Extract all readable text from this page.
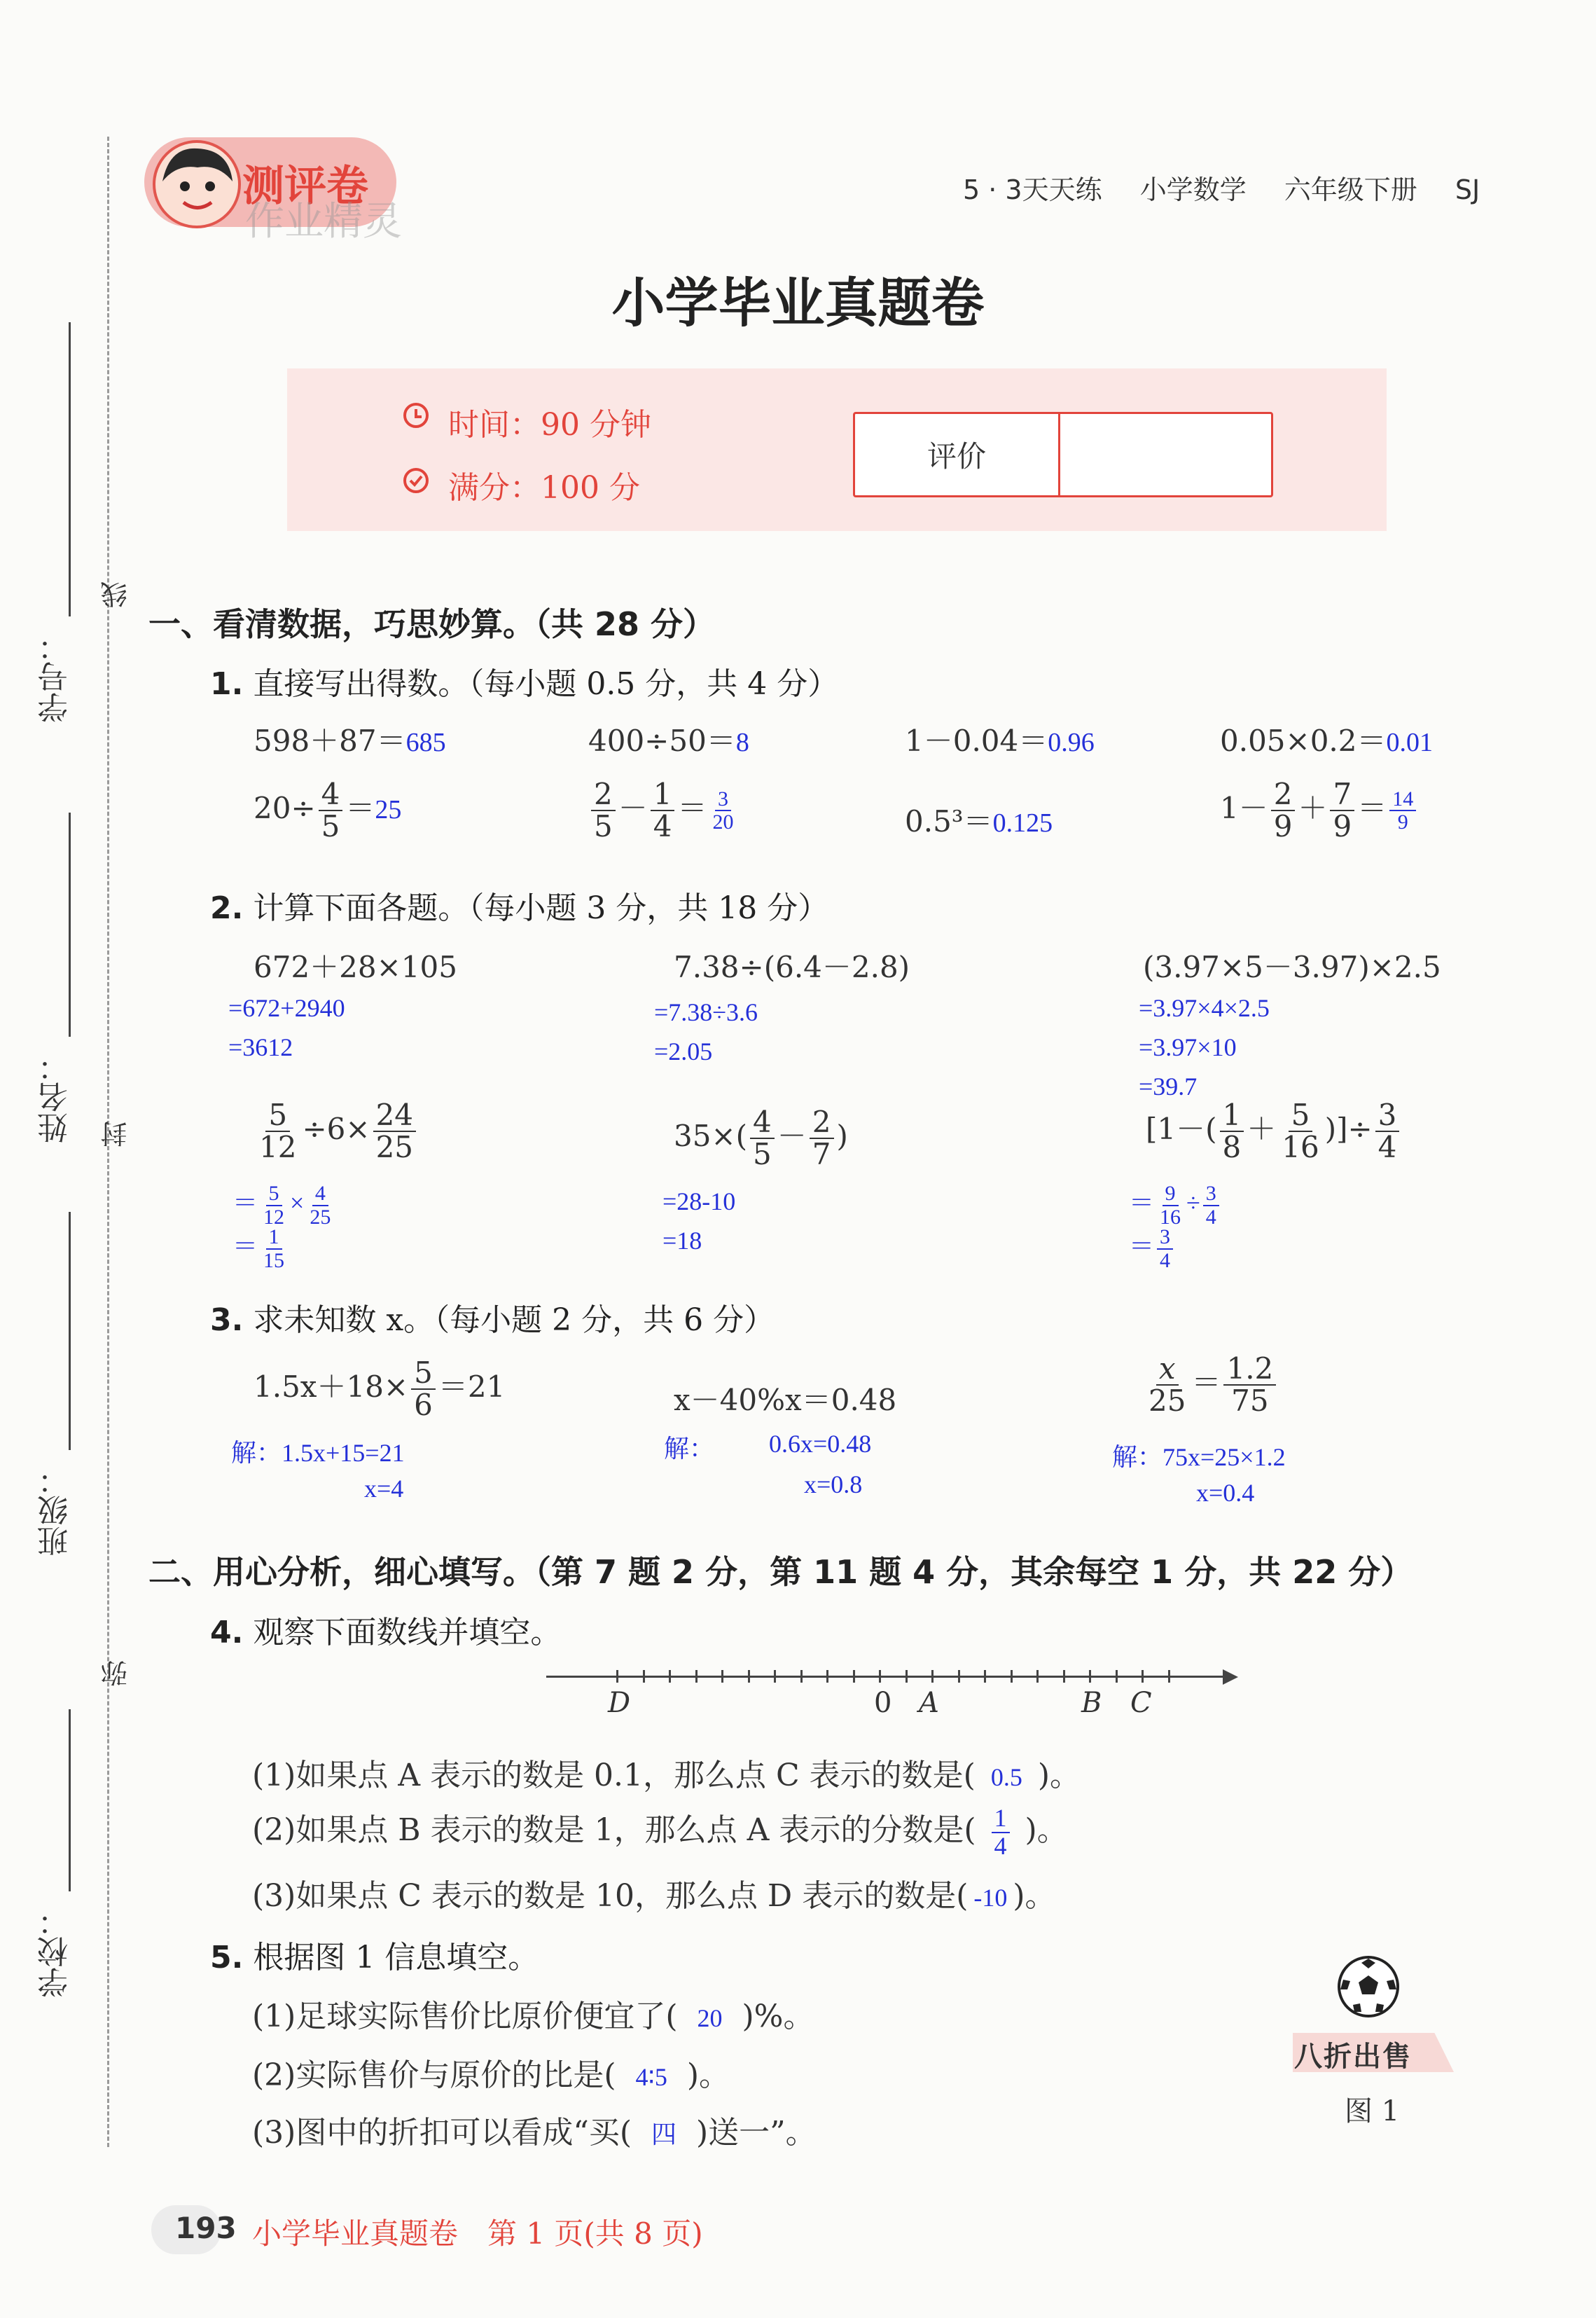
学号：
线
姓名： 封
班级：
弥
学校：
测评卷
作业精灵
5 · 3天天练 小学数学 六年级下册 SJ
小学毕业真题卷
时间：90 分钟
满分：100 分
评价
一、看清数据，巧思妙算。（共 28 分）
1. 直接写出得数。（每小题 0.5 分，共 4 分）
598＋87＝685	400÷50＝8	1－0.04＝0.96	0.05×0.2＝0.01
$20\div \frac{4}{5} =25$	$\frac{2}{5} - \frac{1}{4} = \frac{3}{20}$	0.5³＝0.125	$1- \frac{2}{9} + \frac{7}{9} = \frac{14}{9}$
2. 计算下面各题。（每小题 3 分，共 18 分）
672＋28×105
=672+2940
=3612
7.38÷(6.4－2.8)
=7.38÷3.6
=2.05
(3.97×5－3.97)×2.5
=3.97×4×2.5
=3.97×10
=39.7
$\frac{5}{12} \div 6\times \frac{24}{25}$
＝ $\frac{5}{12} \times \frac{4}{25}$
＝ $\frac{1}{15}$
$35\times( \frac{4}{5} - \frac{2}{7}$ )
=28-10
=18
[$1-( \frac{1}{8} + \frac{5}{16}$ )]÷ $\frac{3}{4}$
＝ $\frac{9}{16} \div \frac{3}{4}$
＝ $\frac{3}{4}$
3. 求未知数 x。（每小题 2 分，共 6 分）
$1.5x+18\times \frac{5}{6} =21$
解：1.5x+15=21
x=4
x－40%x＝0.48
解： 0.6x=0.48
x=0.8
$\frac{x}{25} = \frac{1.2}{75}$
解：75x=25×1.2
x=0.4
二、用心分析，细心填写。（第 7 题 2 分，第 11 题 4 分，其余每空 1 分，共 22 分）
4. 观察下面数线并填空。
D	0 A	B C
(1)如果点 A 表示的数是 0.1，那么点 C 表示的数是( 0.5 )。
(2)如果点 B 表示的数是 1，那么点 A 表示的分数是( $\frac{1}{4}$ )。
(3)如果点 C 表示的数是 10，那么点 D 表示的数是( -10 )。
5. 根据图 1 信息填空。
(1)足球实际售价比原价便宜了( 20 )%。
(2)实际售价与原价的比是( 4∶5 )。
(3)图中的折扣可以看成“买( 四 )送一”。
八折出售
图 1
193 小学毕业真题卷　第 1 页(共 8 页)
